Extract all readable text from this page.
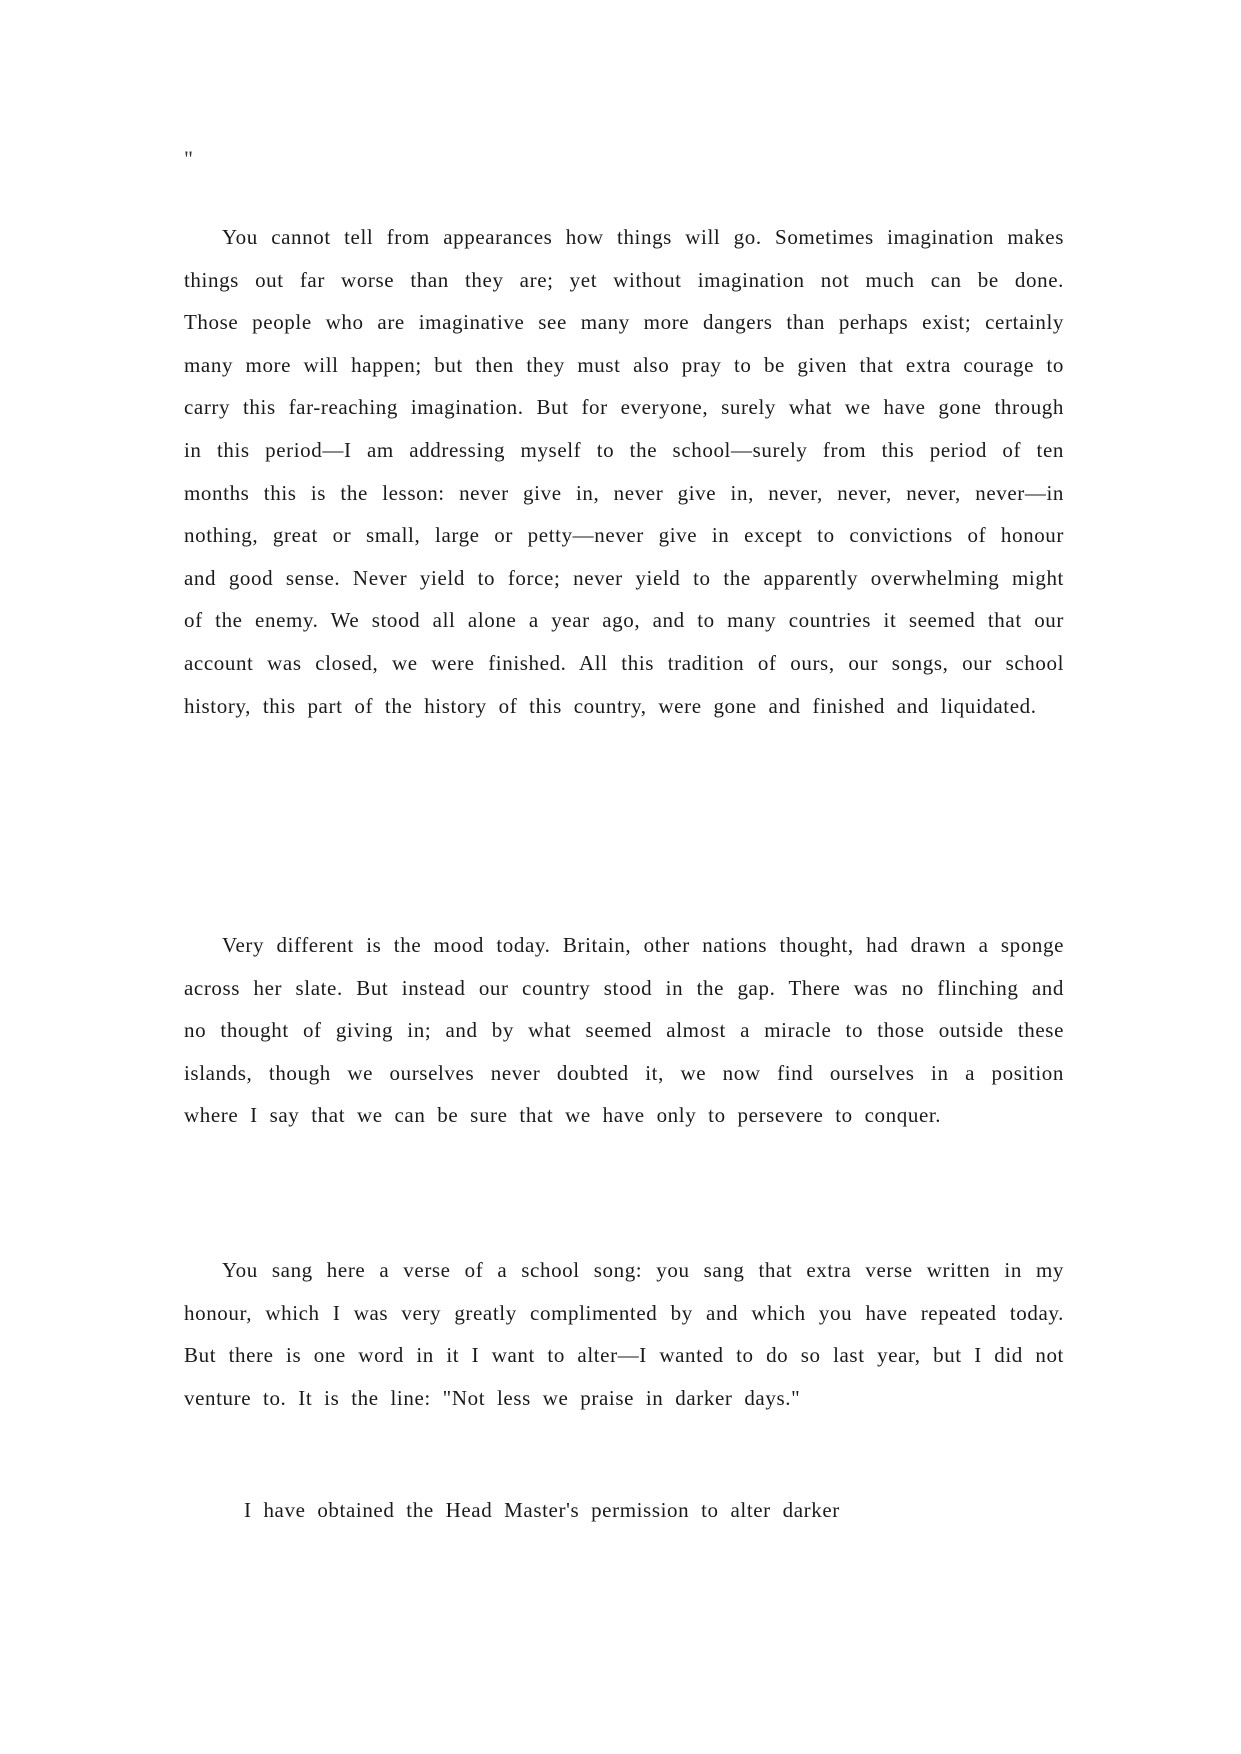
"

You cannot tell from appearances how things will go. Sometimes imagination makes things out far worse than they are; yet without imagination not much can be done. Those people who are imaginative see many more dangers than perhaps exist; certainly many more will happen; but then they must also pray to be given that extra courage to carry this far-reaching imagination. But for everyone, surely what we have gone through in this period—I am addressing myself to the school—surely from this period of ten months this is the lesson: never give in, never give in, never, never, never, never—in nothing, great or small, large or petty—never give in except to convictions of honour and good sense. Never yield to force; never yield to the apparently overwhelming might of the enemy. We stood all alone a year ago, and to many countries it seemed that our account was closed, we were finished. All this tradition of ours, our songs, our school history, this part of the history of this country, were gone and finished and liquidated.

Very different is the mood today. Britain, other nations thought, had drawn a sponge across her slate. But instead our country stood in the gap. There was no flinching and no thought of giving in; and by what seemed almost a miracle to those outside these islands, though we ourselves never doubted it, we now find ourselves in a position where I say that we can be sure that we have only to persevere to conquer.

You sang here a verse of a school song: you sang that extra verse written in my honour, which I was very greatly complimented by and which you have repeated today. But there is one word in it I want to alter—I wanted to do so last year, but I did not venture to. It is the line: "Not less we praise in darker days."

I have obtained the Head Master's permission to alter darker
